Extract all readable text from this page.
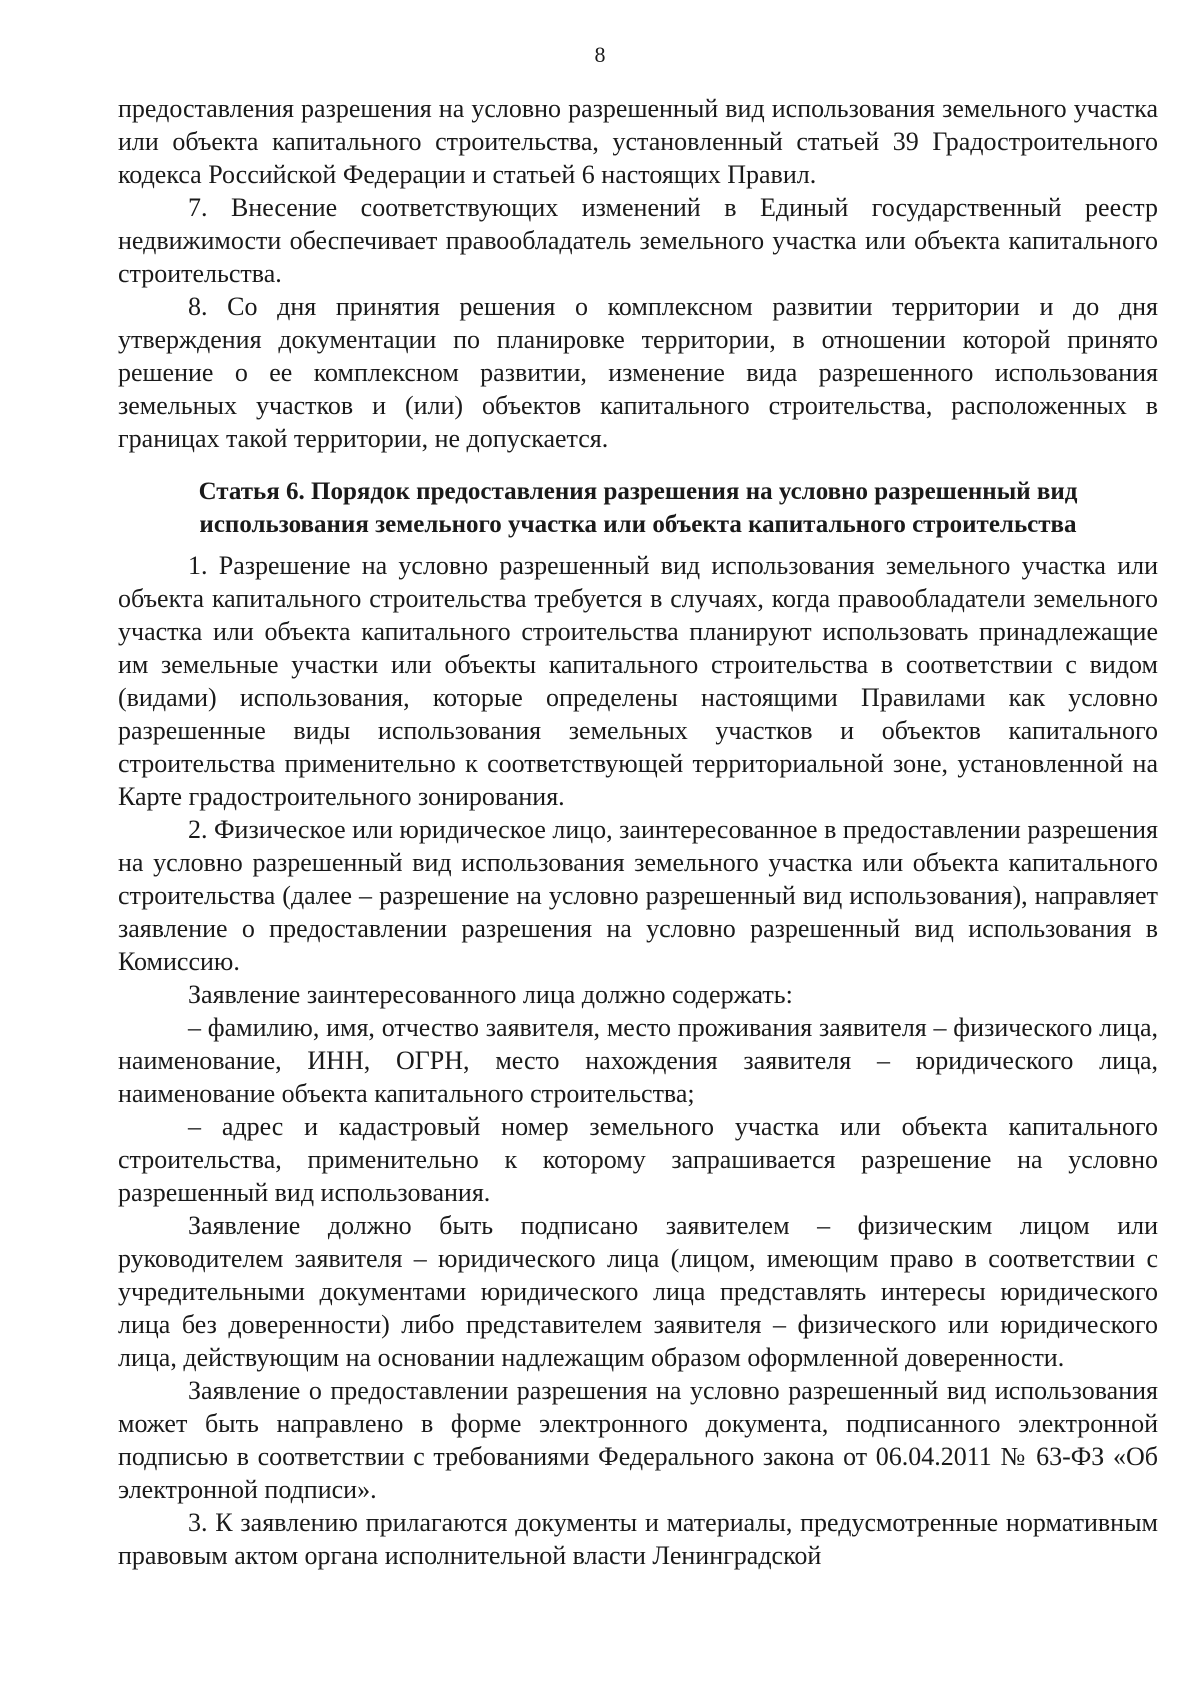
8

предоставления разрешения на условно разрешенный вид использования земельного участка или объекта капитального строительства, установленный статьей 39 Градостроительного кодекса Российской Федерации и статьей 6 настоящих Правил.

7. Внесение соответствующих изменений в Единый государственный реестр недвижимости обеспечивает правообладатель земельного участка или объекта капитального строительства.

8. Со дня принятия решения о комплексном развитии территории и до дня утверждения документации по планировке территории, в отношении которой принято решение о ее комплексном развитии, изменение вида разрешенного использования земельных участков и (или) объектов капитального строительства, расположенных в границах такой территории, не допускается.

Статья 6. Порядок предоставления разрешения на условно разрешенный вид использования земельного участка или объекта капитального строительства

1. Разрешение на условно разрешенный вид использования земельного участка или объекта капитального строительства требуется в случаях, когда правообладатели земельного участка или объекта капитального строительства планируют использовать принадлежащие им земельные участки или объекты капитального строительства в соответствии с видом (видами) использования, которые определены настоящими Правилами как условно разрешенные виды использования земельных участков и объектов капитального строительства применительно к соответствующей территориальной зоне, установленной на Карте градостроительного зонирования.

2. Физическое или юридическое лицо, заинтересованное в предоставлении разрешения на условно разрешенный вид использования земельного участка или объекта капитального строительства (далее – разрешение на условно разрешенный вид использования), направляет заявление о предоставлении разрешения на условно разрешенный вид использования в Комиссию.

Заявление заинтересованного лица должно содержать:

– фамилию, имя, отчество заявителя, место проживания заявителя – физического лица, наименование, ИНН, ОГРН, место нахождения заявителя – юридического лица, наименование объекта капитального строительства;

– адрес и кадастровый номер земельного участка или объекта капитального строительства, применительно к которому запрашивается разрешение на условно разрешенный вид использования.

Заявление должно быть подписано заявителем – физическим лицом или руководителем заявителя – юридического лица (лицом, имеющим право в соответствии с учредительными документами юридического лица представлять интересы юридического лица без доверенности) либо представителем заявителя – физического или юридического лица, действующим на основании надлежащим образом оформленной доверенности.

Заявление о предоставлении разрешения на условно разрешенный вид использования может быть направлено в форме электронного документа, подписанного электронной подписью в соответствии с требованиями Федерального закона от 06.04.2011 № 63-ФЗ «Об электронной подписи».

3. К заявлению прилагаются документы и материалы, предусмотренные нормативным правовым актом органа исполнительной власти Ленинградской
